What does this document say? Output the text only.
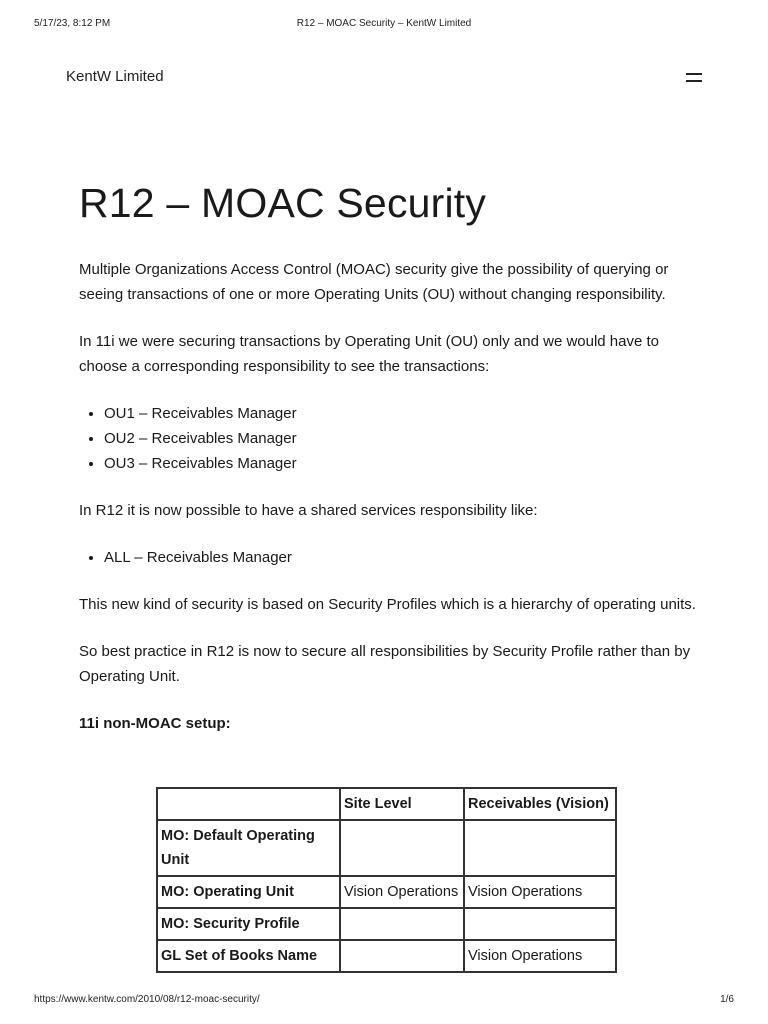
5/17/23, 8:12 PM	R12 – MOAC Security – KentW Limited
KentW Limited
R12 – MOAC Security

Multiple Organizations Access Control (MOAC) security give the possibility of querying or seeing transactions of one or more Operating Units (OU) without changing responsibility.

In 11i we were securing transactions by Operating Unit (OU) only and we would have to choose a corresponding responsibility to see the transactions:

• OU1 – Receivables Manager
• OU2 – Receivables Manager
• OU3 – Receivables Manager

In R12 it is now possible to have a shared services responsibility like:

• ALL – Receivables Manager

This new kind of security is based on Security Profiles which is a hierarchy of operating units.

So best practice in R12 is now to secure all responsibilities by Security Profile rather than by Operating Unit.

11i non-MOAC setup:
	Site Level	Receivables (Vision)
MO: Default Operating Unit		
MO: Operating Unit	Vision Operations	Vision Operations
MO: Security Profile		
GL Set of Books Name		Vision Operations
https://www.kentw.com/2010/08/r12-moac-security/	1/6
